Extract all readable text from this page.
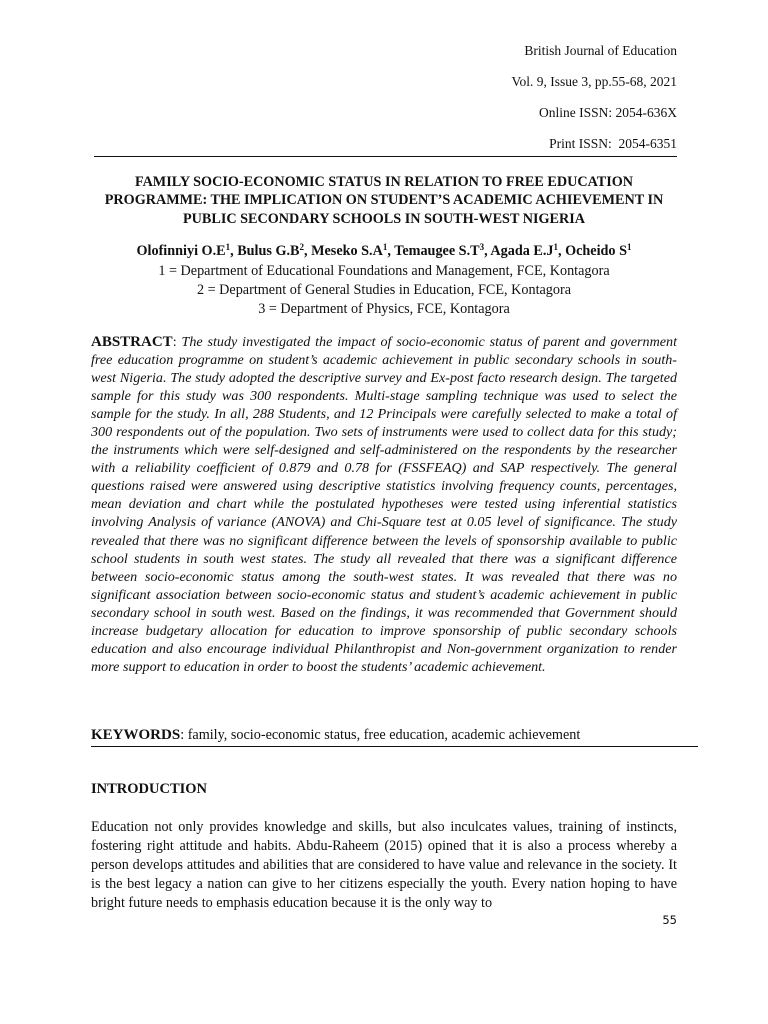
British Journal of Education
Vol. 9, Issue 3, pp.55-68, 2021
Online ISSN: 2054-636X
Print ISSN:  2054-6351
FAMILY SOCIO-ECONOMIC STATUS IN RELATION TO FREE EDUCATION PROGRAMME: THE IMPLICATION ON STUDENT’S ACADEMIC ACHIEVEMENT IN PUBLIC SECONDARY SCHOOLS IN SOUTH-WEST NIGERIA
Olofinniyi $O.E^1$, Bulus $G.B^2$, Meseko $S.A^1$, Temaugee $S.T^3$, Agada $E.J^1$, Ocheido $S^1$
1 = Department of Educational Foundations and Management, FCE, Kontagora
2 = Department of General Studies in Education, FCE, Kontagora
3 = Department of Physics, FCE, Kontagora
ABSTRACT: The study investigated the impact of socio-economic status of parent and government free education programme on student’s academic achievement in public secondary schools in south-west Nigeria. The study adopted the descriptive survey and Ex-post facto research design. The targeted sample for this study was 300 respondents. Multi-stage sampling technique was used to select the sample for the study. In all, 288 Students, and 12 Principals were carefully selected to make a total of 300 respondents out of the population. Two sets of instruments were used to collect data for this study; the instruments which were self-designed and self-administered on the respondents by the researcher with a reliability coefficient of 0.879 and 0.78 for (FSSFEAQ) and SAP respectively. The general questions raised were answered using descriptive statistics involving frequency counts, percentages, mean deviation and chart while the postulated hypotheses were tested using inferential statistics involving Analysis of variance (ANOVA) and Chi-Square test at 0.05 level of significance. The study revealed that there was no significant difference between the levels of sponsorship available to public school students in south west states. The study all revealed that there was a significant difference between socio-economic status among the south-west states. It was revealed that there was no significant association between socio-economic status and student’s academic achievement in public secondary school in south west. Based on the findings, it was recommended that Government should increase budgetary allocation for education to improve sponsorship of public secondary schools education and also encourage individual Philanthropist and Non-government organization to render more support to education in order to boost the students’ academic achievement.
KEYWORDS: family, socio-economic status, free education, academic achievement
INTRODUCTION
Education not only provides knowledge and skills, but also inculcates values, training of instincts, fostering right attitude and habits. Abdu-Raheem (2015) opined that it is also a process whereby a person develops attitudes and abilities that are considered to have value and relevance in the society. It is the best legacy a nation can give to her citizens especially the youth. Every nation hoping to have bright future needs to emphasis education because it is the only way to
55
